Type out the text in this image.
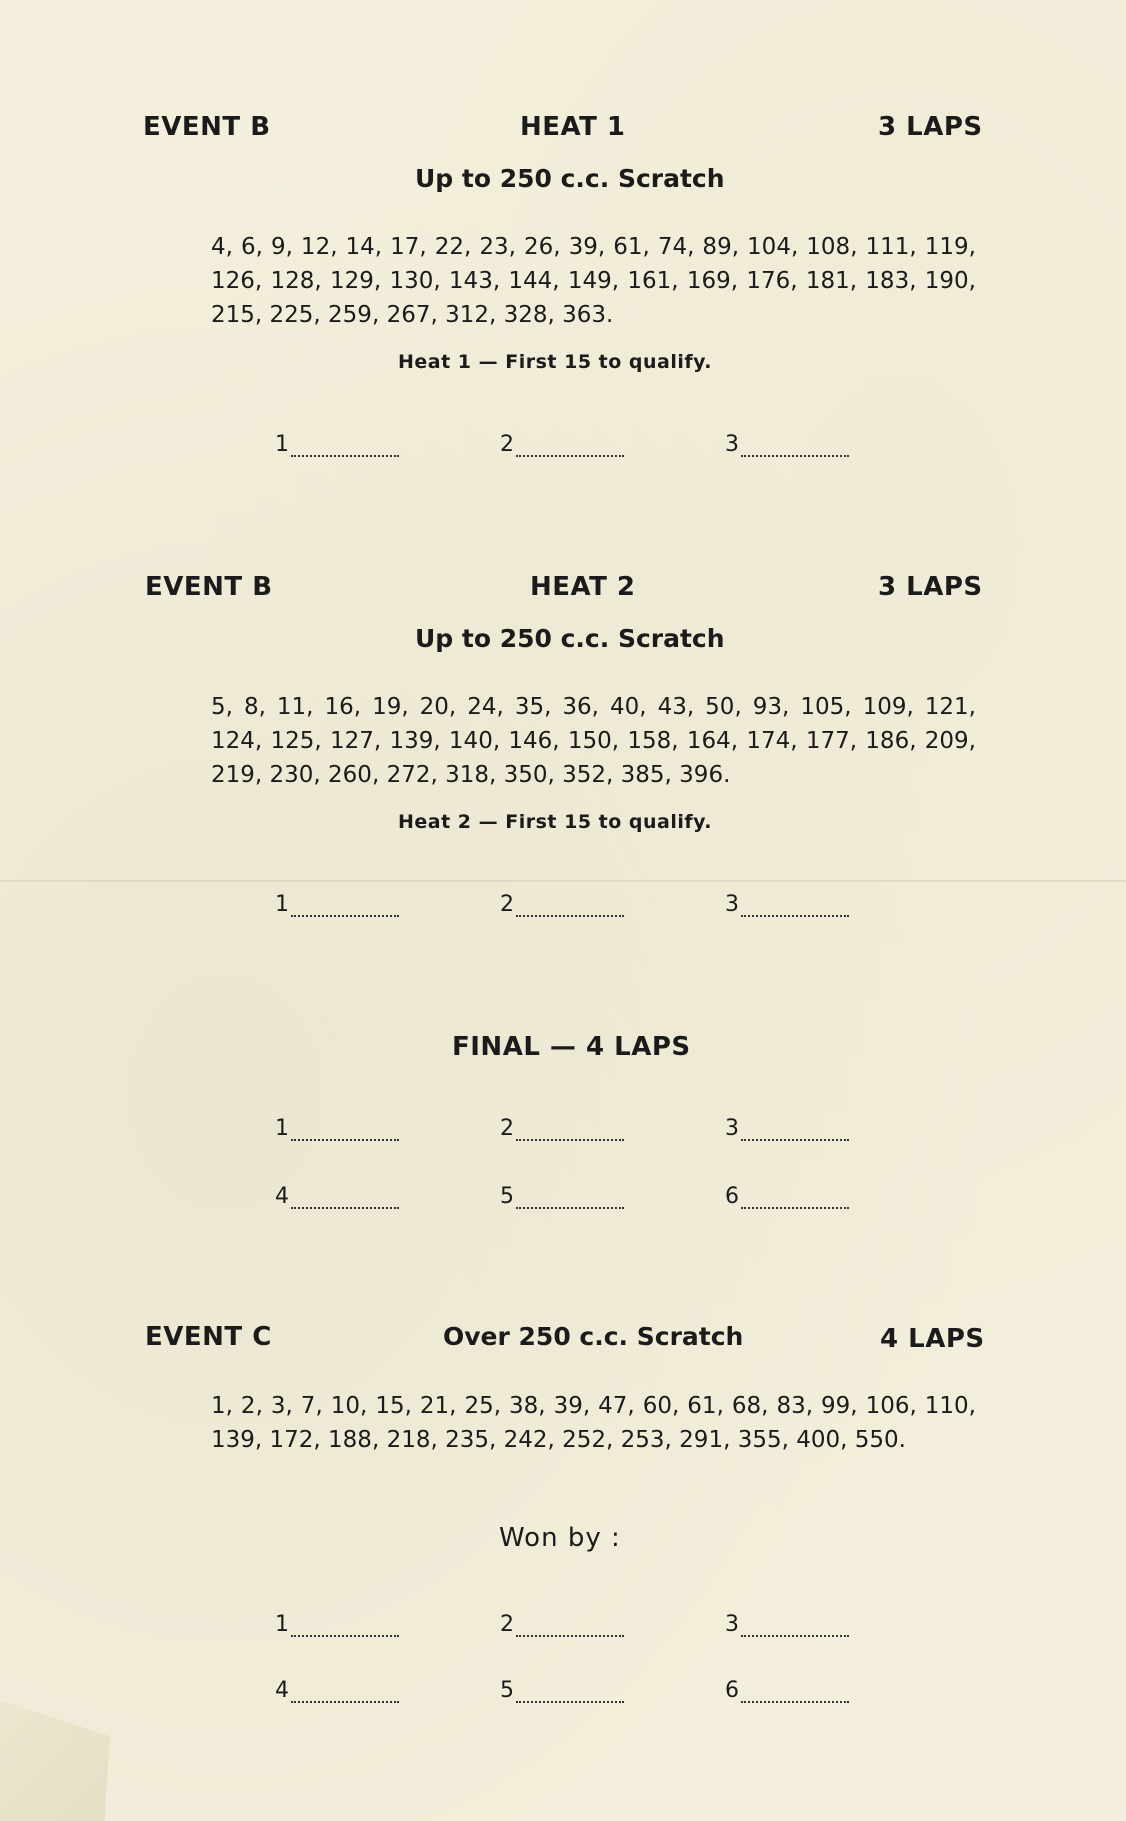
EVENT B	HEAT 1	3 LAPS
Up to 250 c.c. Scratch
4, 6, 9, 12, 14, 17, 22, 23, 26, 39, 61, 74, 89, 104, 108, 111, 119, 126, 128, 129, 130, 143, 144, 149, 161, 169, 176, 181, 183, 190, 215, 225, 259, 267, 312, 328, 363.
Heat 1 — First 15 to qualify.
1	2	3
EVENT B	HEAT 2	3 LAPS
Up to 250 c.c. Scratch
5, 8, 11, 16, 19, 20, 24, 35, 36, 40, 43, 50, 93, 105, 109, 121, 124, 125, 127, 139, 140, 146, 150, 158, 164, 174, 177, 186, 209, 219, 230, 260, 272, 318, 350, 352, 385, 396.
Heat 2 — First 15 to qualify.
1	2	3
FINAL — 4 LAPS
1	2	3
4	5	6
EVENT C	Over 250 c.c. Scratch	4 LAPS
1, 2, 3, 7, 10, 15, 21, 25, 38, 39, 47, 60, 61, 68, 83, 99, 106, 110, 139, 172, 188, 218, 235, 242, 252, 253, 291, 355, 400, 550.
Won by :
1	2	3
4	5	6
